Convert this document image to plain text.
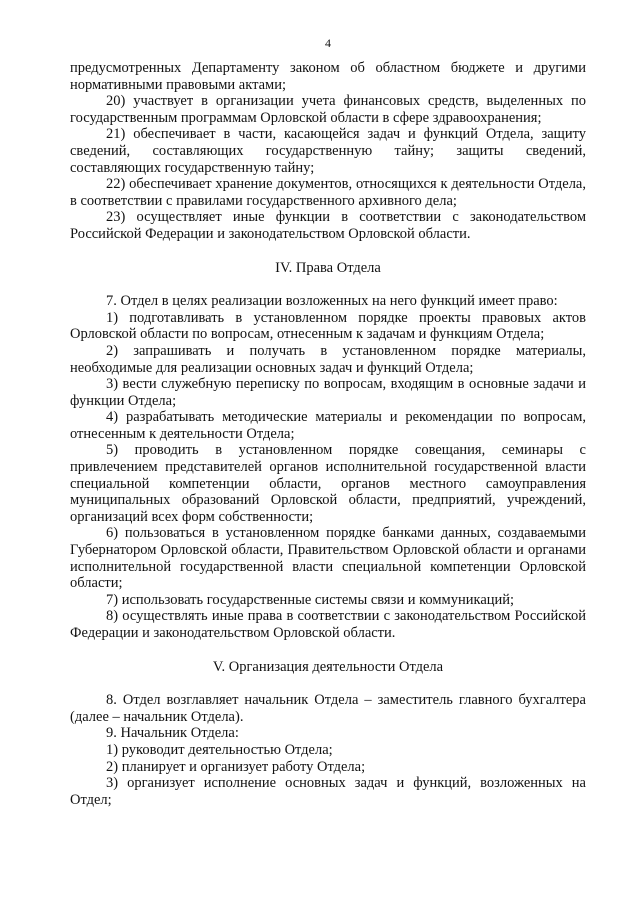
4

предусмотренных Департаменту законом об областном бюджете и другими нормативными правовыми актами;

20) участвует в организации учета финансовых средств, выделенных по государственным программам Орловской области в сфере здравоохранения;

21) обеспечивает в части, касающейся задач и функций Отдела, защиту сведений, составляющих государственную тайну; защиты сведений, составляющих государственную тайну;

22) обеспечивает хранение документов, относящихся к деятельности Отдела, в соответствии с правилами государственного архивного дела;

23) осуществляет иные функции в соответствии с законодательством Российской Федерации и законодательством Орловской области.

IV. Права Отдела

7. Отдел в целях реализации возложенных на него функций имеет право:

1) подготавливать в установленном порядке проекты правовых актов Орловской области по вопросам, отнесенным к задачам и функциям Отдела;

2) запрашивать и получать в установленном порядке материалы, необходимые для реализации основных задач и функций Отдела;

3) вести служебную переписку по вопросам, входящим в основные задачи и функции Отдела;

4) разрабатывать методические материалы и рекомендации по вопросам, отнесенным к деятельности Отдела;

5) проводить в установленном порядке совещания, семинары с привлечением представителей органов исполнительной государственной власти специальной компетенции области, органов местного самоуправления муниципальных образований Орловской области, предприятий, учреждений, организаций всех форм собственности;

6) пользоваться в установленном порядке банками данных, создаваемыми Губернатором Орловской области, Правительством Орловской области и органами исполнительной государственной власти специальной компетенции Орловской области;

7) использовать государственные системы связи и коммуникаций;

8) осуществлять иные права в соответствии с законодательством Российской Федерации и законодательством Орловской области.

V. Организация деятельности Отдела

8. Отдел возглавляет начальник Отдела – заместитель главного бухгалтера (далее – начальник Отдела).

9. Начальник Отдела:

1) руководит деятельностью Отдела;

2) планирует и организует работу Отдела;

3) организует исполнение основных задач и функций, возложенных на Отдел;
